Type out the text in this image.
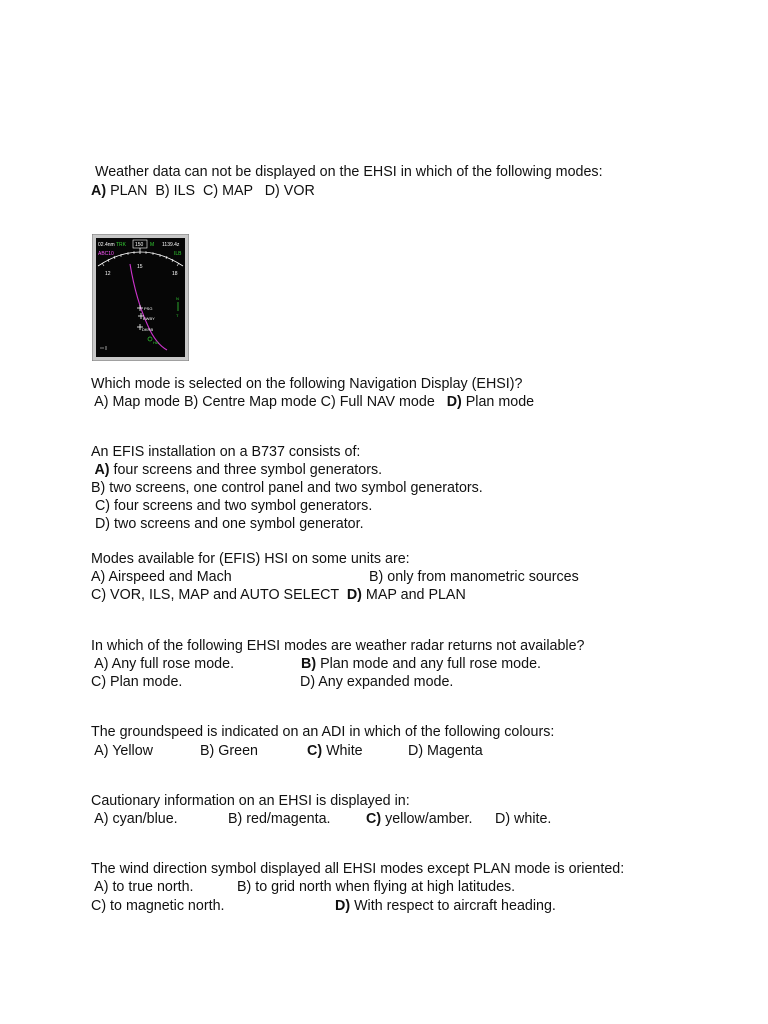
Weather data can not be displayed on the EHSI in which of the following modes:
A) PLAN  B) ILS  C) MAP   D) VOR
02.4nm TRK 150 M 1139.4z
ABC10	ILB
12
15
18
PSG
BWBY
DKRB
HA
N
T
Which mode is selected on the following Navigation Display (EHSI)?
A) Map mode B) Centre Map mode C) Full NAV mode   D) Plan mode
An EFIS installation on a B737 consists of:
A) four screens and three symbol generators.
B) two screens, one control panel and two symbol generators.
C) four screens and two symbol generators.
D) two screens and one symbol generator.
Modes available for (EFIS) HSI on some units are:
A) Airspeed and Mach	B) only from manometric sources
C) VOR, ILS, MAP and AUTO SELECT  D) MAP and PLAN
In which of the following EHSI modes are weather radar returns not available?
A) Any full rose mode.	B) Plan mode and any full rose mode.
C) Plan mode.	D) Any expanded mode.
The groundspeed is indicated on an ADI in which of the following colours:
A) Yellow	B) Green	C) White	D) Magenta
Cautionary information on an EHSI is displayed in:
A) cyan/blue.	B) red/magenta. C) yellow/amber. D) white.
The wind direction symbol displayed all EHSI modes except PLAN mode is oriented:
A) to true north.	B) to grid north when flying at high latitudes.
C) to magnetic north.	D) With respect to aircraft heading.
